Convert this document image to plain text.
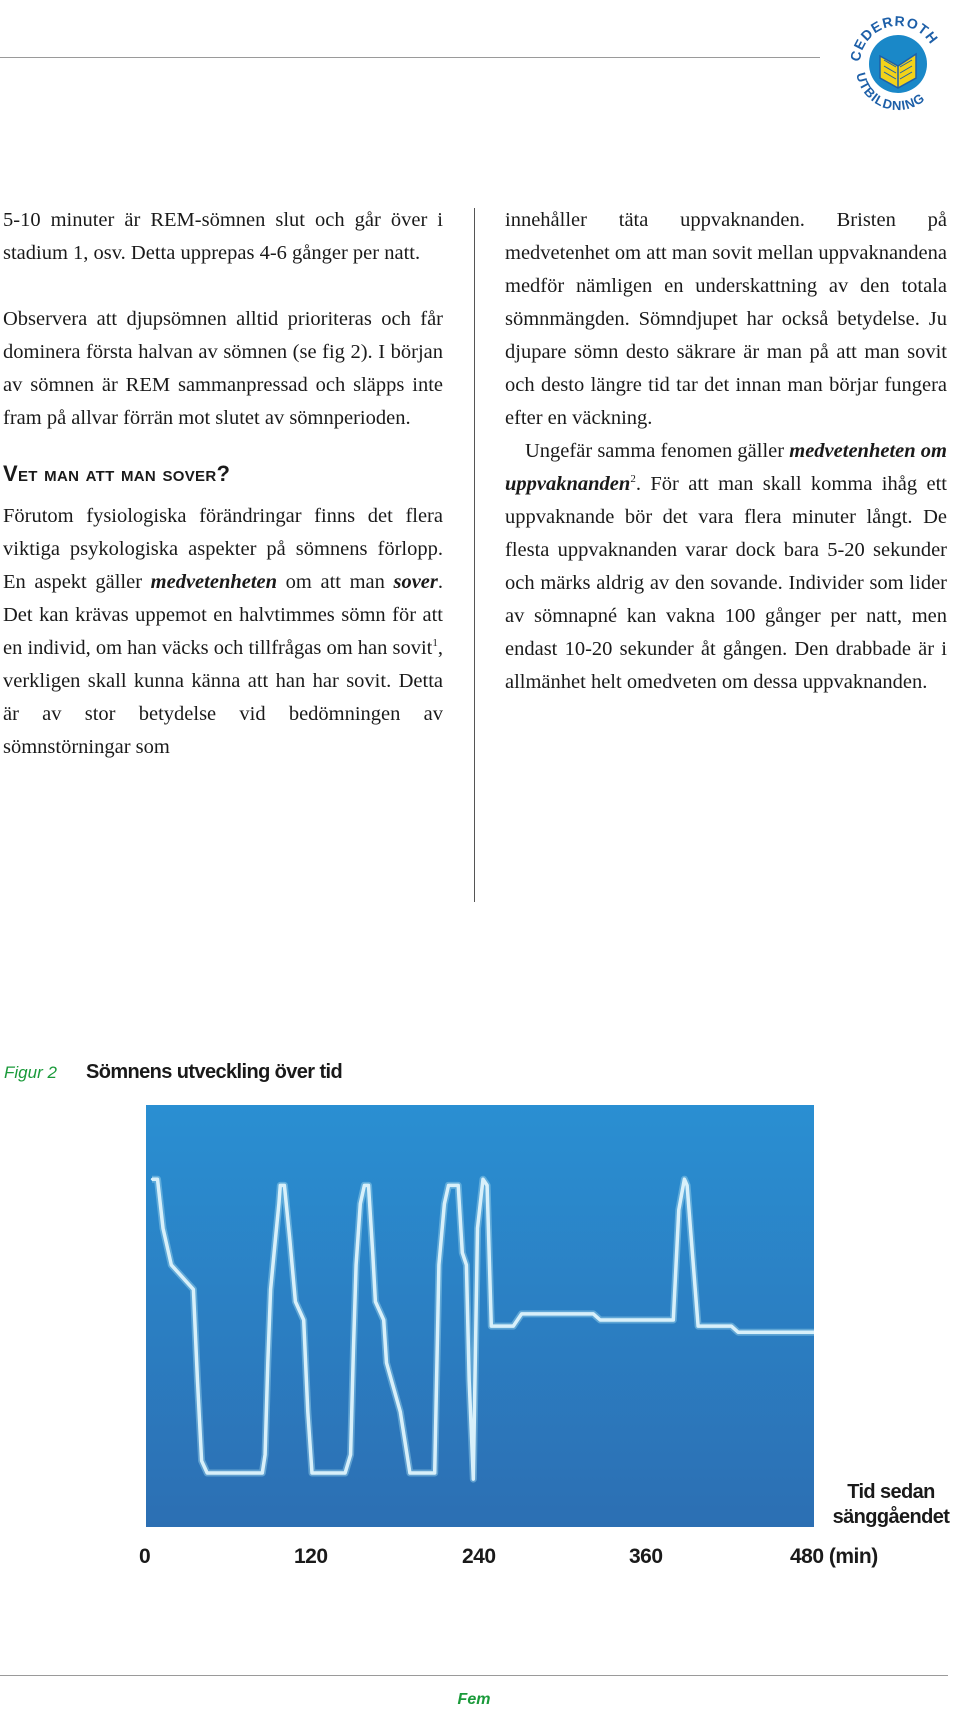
CEDERROTH
UTBILDNING

5-10 minuter är REM-sömnen slut och går över i stadium 1, osv. Detta upprepas 4-6 gånger per natt.

Observera att djupsömnen alltid prioriteras och får dominera första halvan av sömnen (se fig 2). I början av sömnen är REM sammanpressad och släpps inte fram på allvar förrän mot slutet av sömnperioden.

Vet man att man sover?

Förutom fysiologiska förändringar finns det flera viktiga psykologiska aspekter på sömnens förlopp. En aspekt gäller medvetenheten om att man sover. Det kan krävas uppemot en halvtimmes sömn för att en individ, om han väcks och tillfrågas om han sovit$^1$, verkligen skall kunna känna att han har sovit. Detta är av stor betydelse vid bedömningen av sömnstörningar som

innehåller täta uppvaknanden. Bristen på medvetenhet om att man sovit mellan uppvaknandena medför nämligen en underskattning av den totala sömnmängden. Sömndjupet har också betydelse. Ju djupare sömn desto säkrare är man på att man sovit och desto längre tid tar det innan man börjar fungera efter en väckning.

Ungefär samma fenomen gäller medvetenheten om uppvaknanden$^2$. För att man skall komma ihåg ett uppvaknande bör det vara flera minuter långt. De flesta uppvaknanden varar dock bara 5-20 sekunder och märks aldrig av den sovande. Individer som lider av sömnapné kan vakna 100 gånger per natt, men endast 10-20 sekunder åt gången. Den drabbade är i allmänhet helt omedveten om dessa uppvaknanden.

Figur 2 Sömnens utveckling över tid
Tid sedan
sänggåendet
0	120	240	360	480 (min)
Fem
